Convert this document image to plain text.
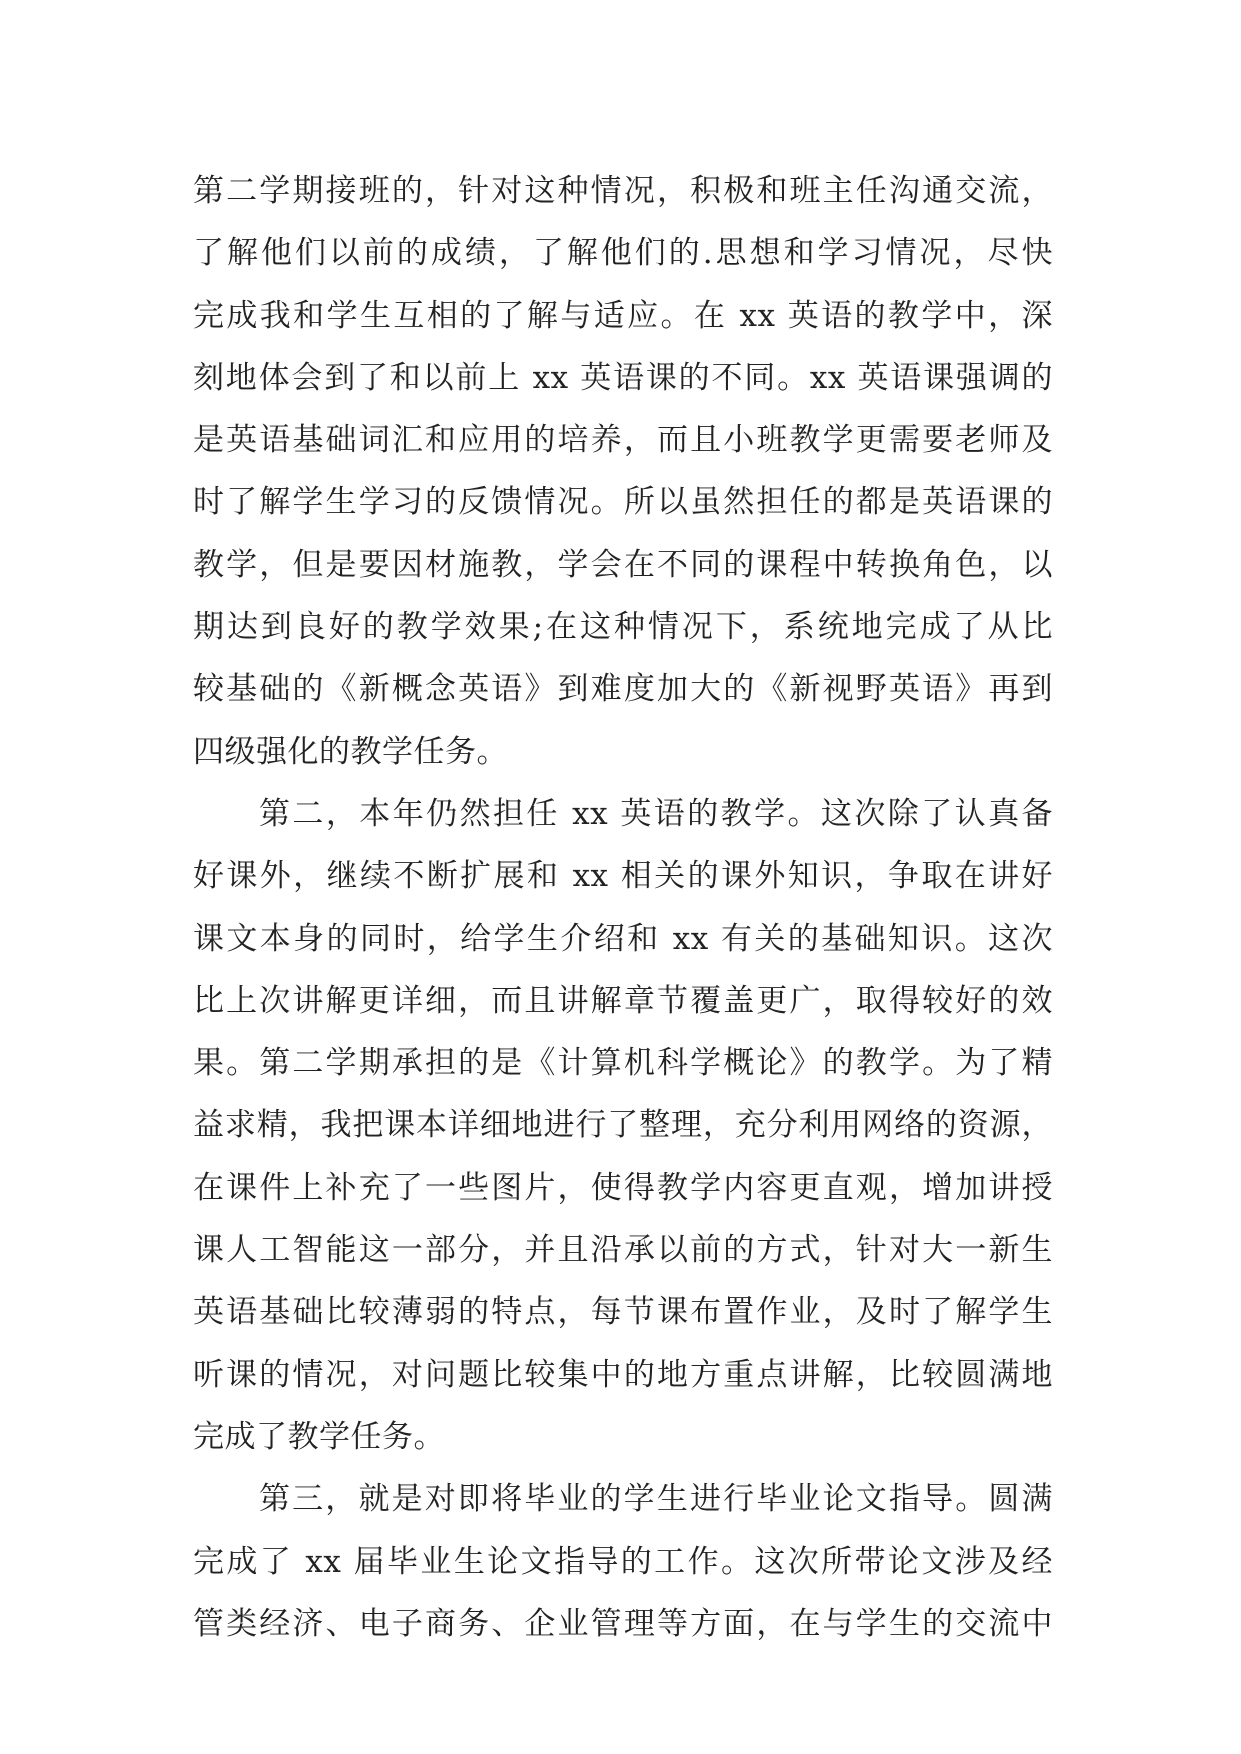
第二学期接班的，针对这种情况，积极和班主任沟通交流，
了解他们以前的成绩，了解他们的.思想和学习情况，尽快
完成我和学生互相的了解与适应。在 xx 英语的教学中，深
刻地体会到了和以前上 xx 英语课的不同。xx 英语课强调的
是英语基础词汇和应用的培养，而且小班教学更需要老师及
时了解学生学习的反馈情况。所以虽然担任的都是英语课的
教学，但是要因材施教，学会在不同的课程中转换角色，以
期达到良好的教学效果;在这种情况下，系统地完成了从比
较基础的《新概念英语》到难度加大的《新视野英语》再到
四级强化的教学任务。
第二，本年仍然担任 xx 英语的教学。这次除了认真备
好课外，继续不断扩展和 xx 相关的课外知识，争取在讲好
课文本身的同时，给学生介绍和 xx 有关的基础知识。这次
比上次讲解更详细，而且讲解章节覆盖更广，取得较好的效
果。第二学期承担的是《计算机科学概论》的教学。为了精
益求精，我把课本详细地进行了整理，充分利用网络的资源，
在课件上补充了一些图片，使得教学内容更直观，增加讲授
课人工智能这一部分，并且沿承以前的方式，针对大一新生
英语基础比较薄弱的特点，每节课布置作业，及时了解学生
听课的情况，对问题比较集中的地方重点讲解，比较圆满地
完成了教学任务。
第三，就是对即将毕业的学生进行毕业论文指导。圆满
完成了 xx 届毕业生论文指导的工作。这次所带论文涉及经
管类经济、电子商务、企业管理等方面，在与学生的交流中
